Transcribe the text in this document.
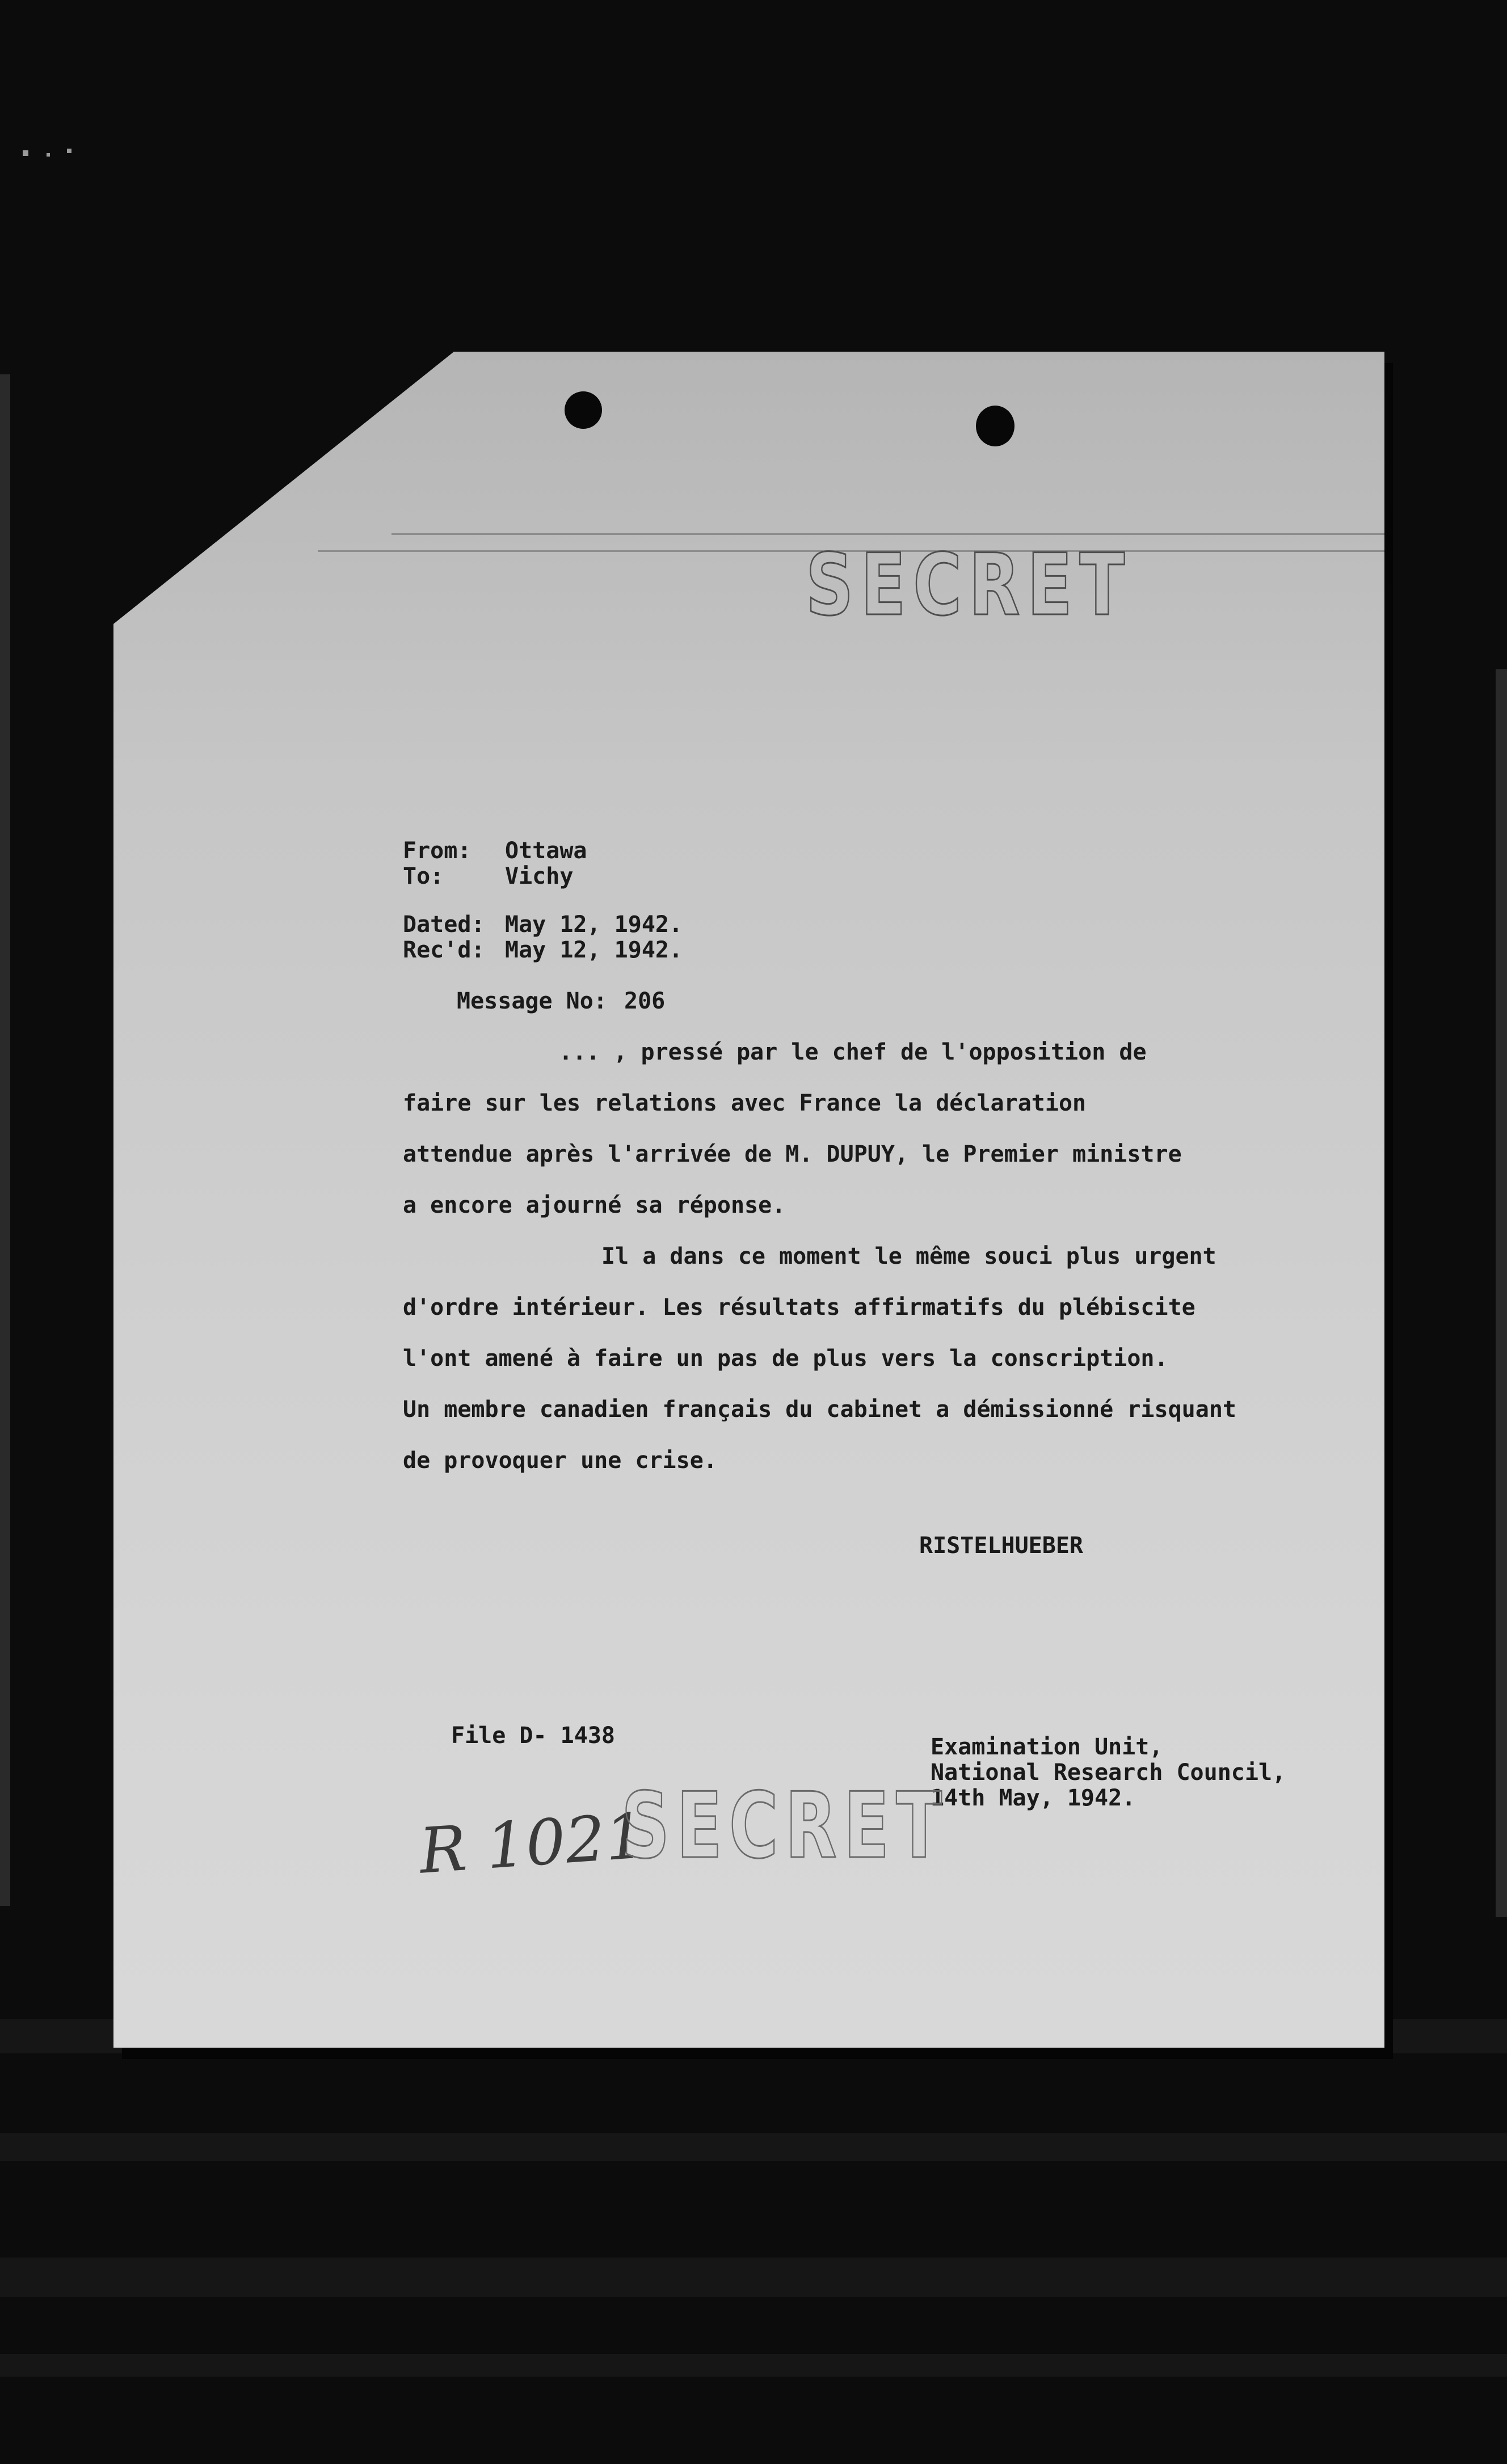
SECRET
From: Ottawa
To:	Vichy
Dated: May 12, 1942.
Rec'd: May 12, 1942.
Message No: 206
... , pressé par le chef de l'opposition de
faire sur les relations avec France la déclaration
attendue après l'arrivée de M. DUPUY, le Premier ministre
a encore ajourné sa réponse.
Il a dans ce moment le même souci plus urgent
d'ordre intérieur. Les résultats affirmatifs du plébiscite
l'ont amené à faire un pas de plus vers la conscription.
Un membre canadien français du cabinet a démissionné risquant
de provoquer une crise.
RISTELHUEBER
File D- 1438	Examination Unit,
National Research Council,
14th May, 1942.
R 1021
SECRET
